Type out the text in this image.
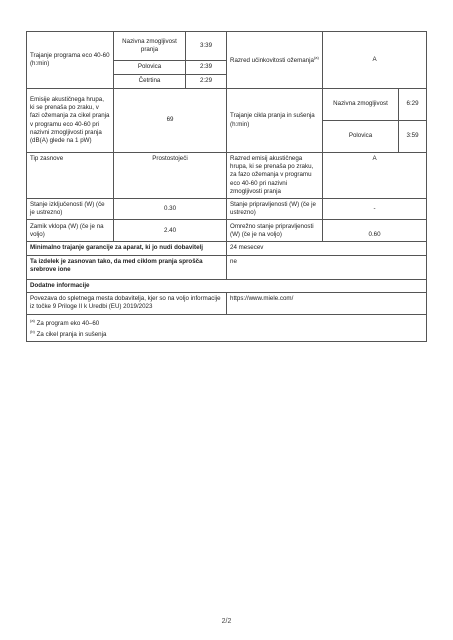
Trajanje programa eco 40-60 (h:min)	Nazivna zmogljivost pranja	3:39	Razred učinkovitosti ožemanja$^{(a)}$	A	
	Polovica	2:39			
	Četrtina	2:29			
Emisije akustičnega hrupa, ki se prenaša po zraku, v fazi ožemanja za cikel pranja v programu eco 40-60 pri nazivni zmogljivosti pranja (dB(A) glede na 1 pW)	69		Trajanje cikla pranja in sušenja (h:min)	Nazivna zmogljivost	6:29
				Polovica	3:59
Tip zasnove	Prostostoječi		Razred emisij akustičnega hrupa, ki se prenaša po zraku, za fazo ožemanja v programu eco 40-60 pri nazivni zmogljivosti pranja	A	
Stanje izključenosti (W) (če je ustrezno)	0.30		Stanje pripravljenosti (W) (če je ustrezno)	-	
Zamik vklopa (W) (če je na voljo)	2.40		Omrežno stanje pripravljenosti (W) (če je na voljo)	0.60	
Minimalno trajanje garancije za aparat, ki jo nudi dobavitelj			24 mesecev		
Ta izdelek je zasnovan tako, da med ciklom pranja sprošča srebrove ione			ne		
Dodatne informacije					
Povezava do spletnega mesta dobavitelja, kjer so na voljo informacije iz točke 9 Priloge II k Uredbi (EU) 2019/2023			https://www.miele.com/		

$^{(a)}$ Za program eko 40–60
$^{(b)}$ Za cikel pranja in sušenja					
2/2
